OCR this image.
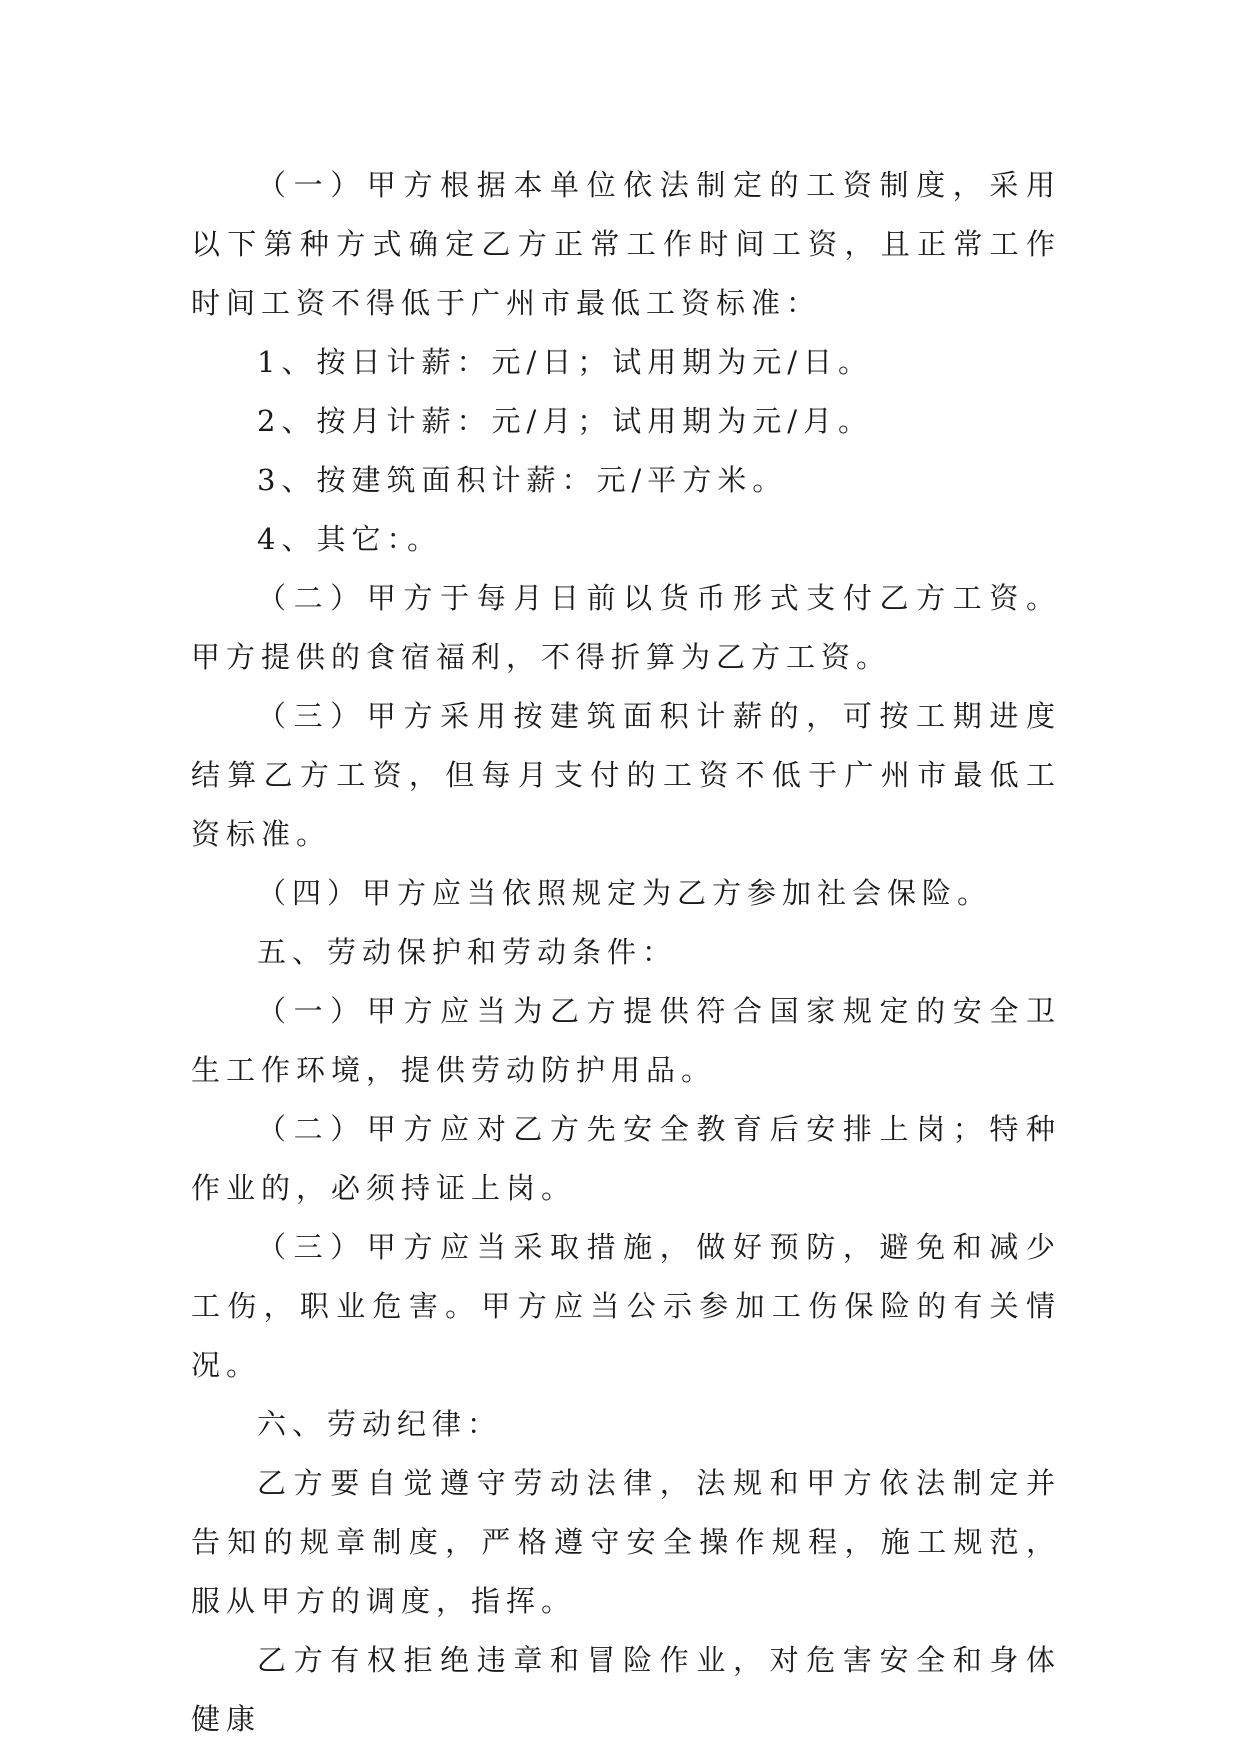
（一）甲方根据本单位依法制定的工资制度，采用以下第种方式确定乙方正常工作时间工资，且正常工作时间工资不得低于广州市最低工资标准：

1、按日计薪：元/日；试用期为元/日。

2、按月计薪：元/月；试用期为元/月。

3、按建筑面积计薪：元/平方米。

4、其它：。

（二）甲方于每月日前以货币形式支付乙方工资。甲方提供的食宿福利，不得折算为乙方工资。

（三）甲方采用按建筑面积计薪的，可按工期进度结算乙方工资，但每月支付的工资不低于广州市最低工资标准。

（四）甲方应当依照规定为乙方参加社会保险。

五、劳动保护和劳动条件：

（一）甲方应当为乙方提供符合国家规定的安全卫生工作环境，提供劳动防护用品。

（二）甲方应对乙方先安全教育后安排上岗；特种作业的，必须持证上岗。

（三）甲方应当采取措施，做好预防，避免和减少工伤，职业危害。甲方应当公示参加工伤保险的有关情况。

六、劳动纪律：

乙方要自觉遵守劳动法律，法规和甲方依法制定并告知的规章制度，严格遵守安全操作规程，施工规范，服从甲方的调度，指挥。

乙方有权拒绝违章和冒险作业，对危害安全和身体健康
